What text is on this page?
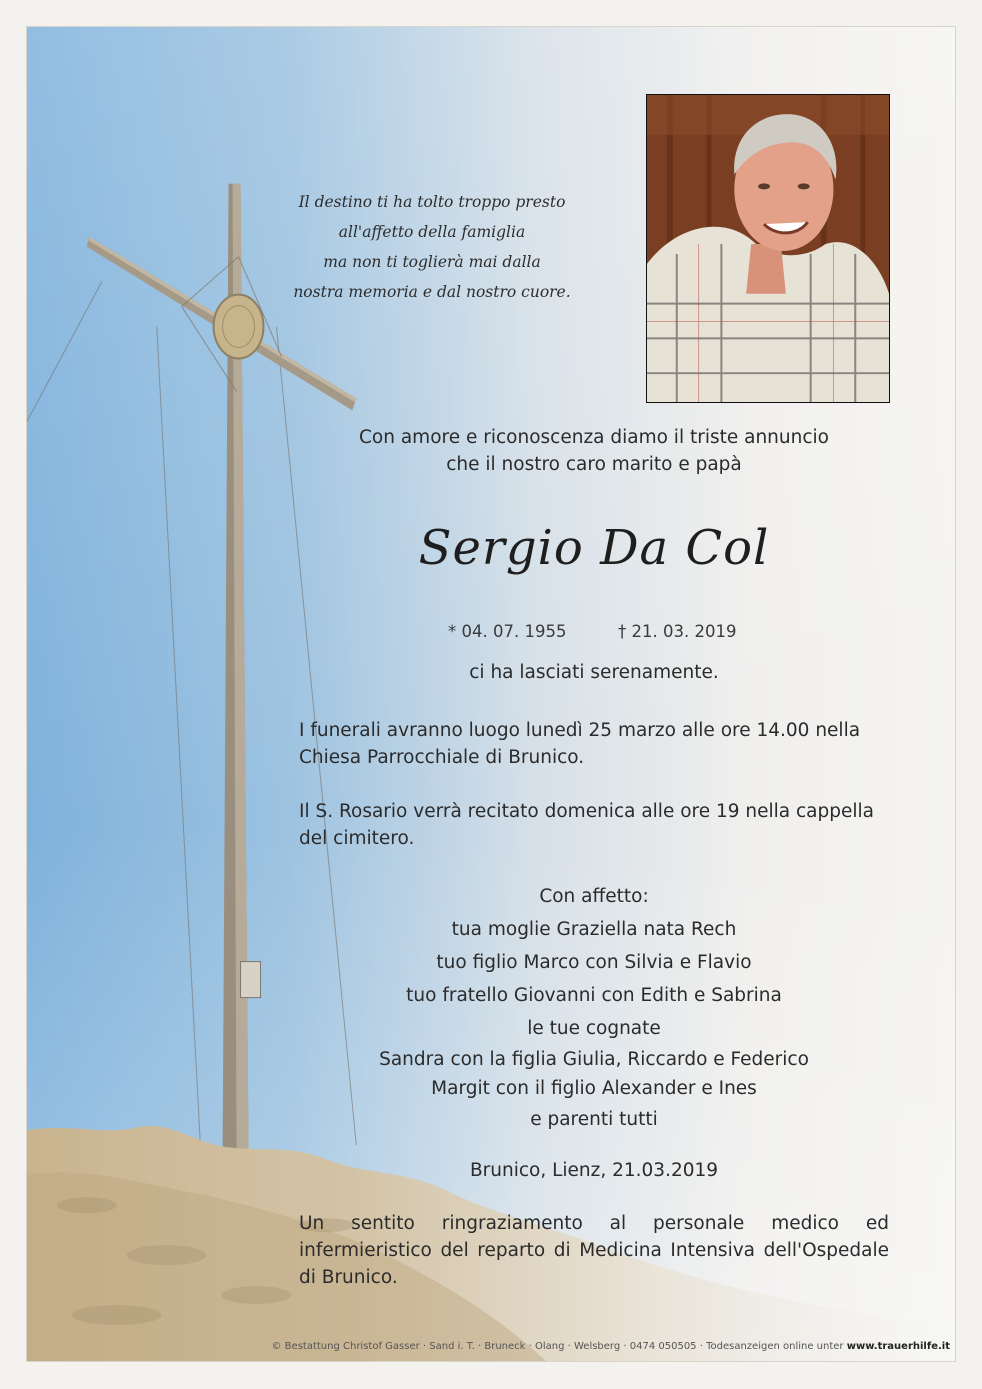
Il destino ti ha tolto troppo presto
all'affetto della famiglia
ma non ti toglierà mai dalla
nostra memoria e dal nostro cuore.
Con amore e riconoscenza diamo il triste annuncio
che il nostro caro marito e papà
Sergio Da Col
* 04. 07. 1955	† 21. 03. 2019
ci ha lasciati serenamente.
I funerali avranno luogo lunedì 25 marzo alle ore 14.00 nella
Chiesa Parrocchiale di Brunico.
Il S. Rosario verrà recitato domenica alle ore 19 nella cappella
del cimitero.
Con affetto:
tua moglie Graziella nata Rech
tuo figlio Marco con Silvia e Flavio
tuo fratello Giovanni con Edith e Sabrina
le tue cognate
Sandra con la figlia Giulia, Riccardo e Federico
Margit con il figlio Alexander e Ines
e parenti tutti
Brunico, Lienz, 21.03.2019
Un sentito ringraziamento al personale medico ed infermieristico del reparto di Medicina Intensiva dell'Ospedale di Brunico.
© Bestattung Christof Gasser · Sand i. T. · Bruneck · Olang · Welsberg · 0474 050505 · Todesanzeigen online unter www.trauerhilfe.it
